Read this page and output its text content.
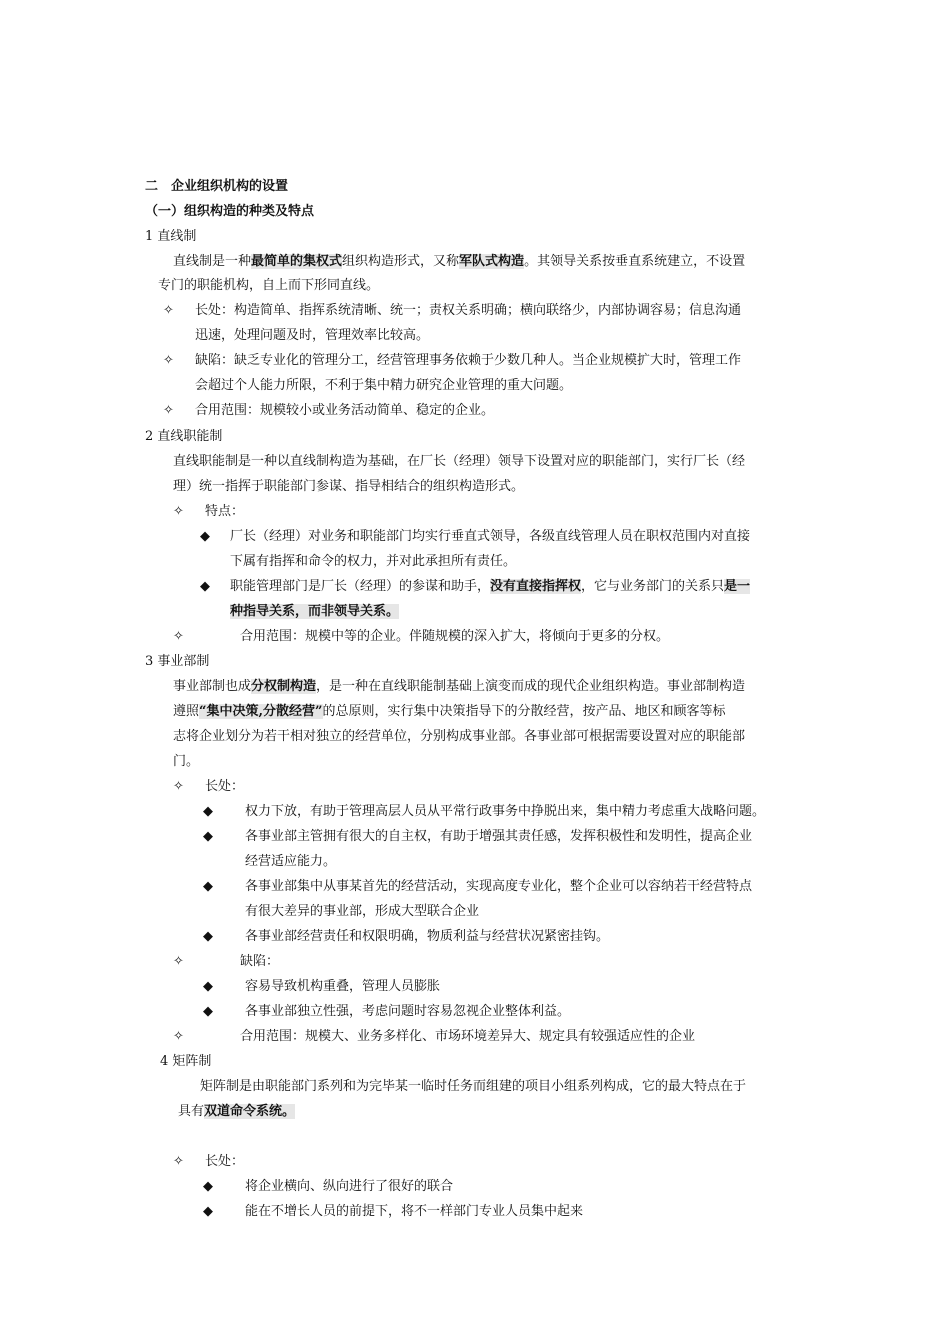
二　企业组织机构的设置
（一）组织构造的种类及特点
1 直线制
直线制是一种最简单的集权式组织构造形式，又称军队式构造。其领导关系按垂直系统建立，不设置
专门的职能机构，自上而下形同直线。
✧ 长处：构造简单、指挥系统清晰、统一；责权关系明确；横向联络少，内部协调容易；信息沟通
迅速，处理问题及时，管理效率比较高。
✧ 缺陷：缺乏专业化的管理分工，经营管理事务依赖于少数几种人。当企业规模扩大时，管理工作
会超过个人能力所限，不利于集中精力研究企业管理的重大问题。
✧ 合用范围：规模较小或业务活动简单、稳定的企业。
2 直线职能制
直线职能制是一种以直线制构造为基础，在厂长（经理）领导下设置对应的职能部门，实行厂长（经
理）统一指挥于职能部门参谋、指导相结合的组织构造形式。
✧ 特点：
◆ 厂长（经理）对业务和职能部门均实行垂直式领导，各级直线管理人员在职权范围内对直接
下属有指挥和命令的权力，并对此承担所有责任。
◆ 职能管理部门是厂长（经理）的参谋和助手，没有直接指挥权，它与业务部门的关系只是一
种指导关系，而非领导关系。
✧	合用范围：规模中等的企业。伴随规模的深入扩大，将倾向于更多的分权。
3 事业部制
事业部制也成分权制构造，是一种在直线职能制基础上演变而成的现代企业组织构造。事业部制构造
遵照“集中决策,分散经营”的总原则，实行集中决策指导下的分散经营，按产品、地区和顾客等标
志将企业划分为若干相对独立的经营单位，分别构成事业部。各事业部可根据需要设置对应的职能部
门。
✧ 长处：
◆ 权力下放，有助于管理高层人员从平常行政事务中挣脱出来，集中精力考虑重大战略问题。
◆ 各事业部主管拥有很大的自主权，有助于增强其责任感，发挥积极性和发明性，提高企业
经营适应能力。
◆ 各事业部集中从事某首先的经营活动，实现高度专业化，整个企业可以容纳若干经营特点
有很大差异的事业部，形成大型联合企业
◆ 各事业部经营责任和权限明确，物质利益与经营状况紧密挂钩。
✧	缺陷：
◆ 容易导致机构重叠，管理人员膨胀
◆ 各事业部独立性强，考虑问题时容易忽视企业整体利益。
✧	合用范围：规模大、业务多样化、市场环境差异大、规定具有较强适应性的企业
4 矩阵制
矩阵制是由职能部门系列和为完毕某一临时任务而组建的项目小组系列构成，它的最大特点在于
具有双道命令系统。
✧ 长处：
◆ 将企业横向、纵向进行了很好的联合
◆ 能在不增长人员的前提下，将不一样部门专业人员集中起来
